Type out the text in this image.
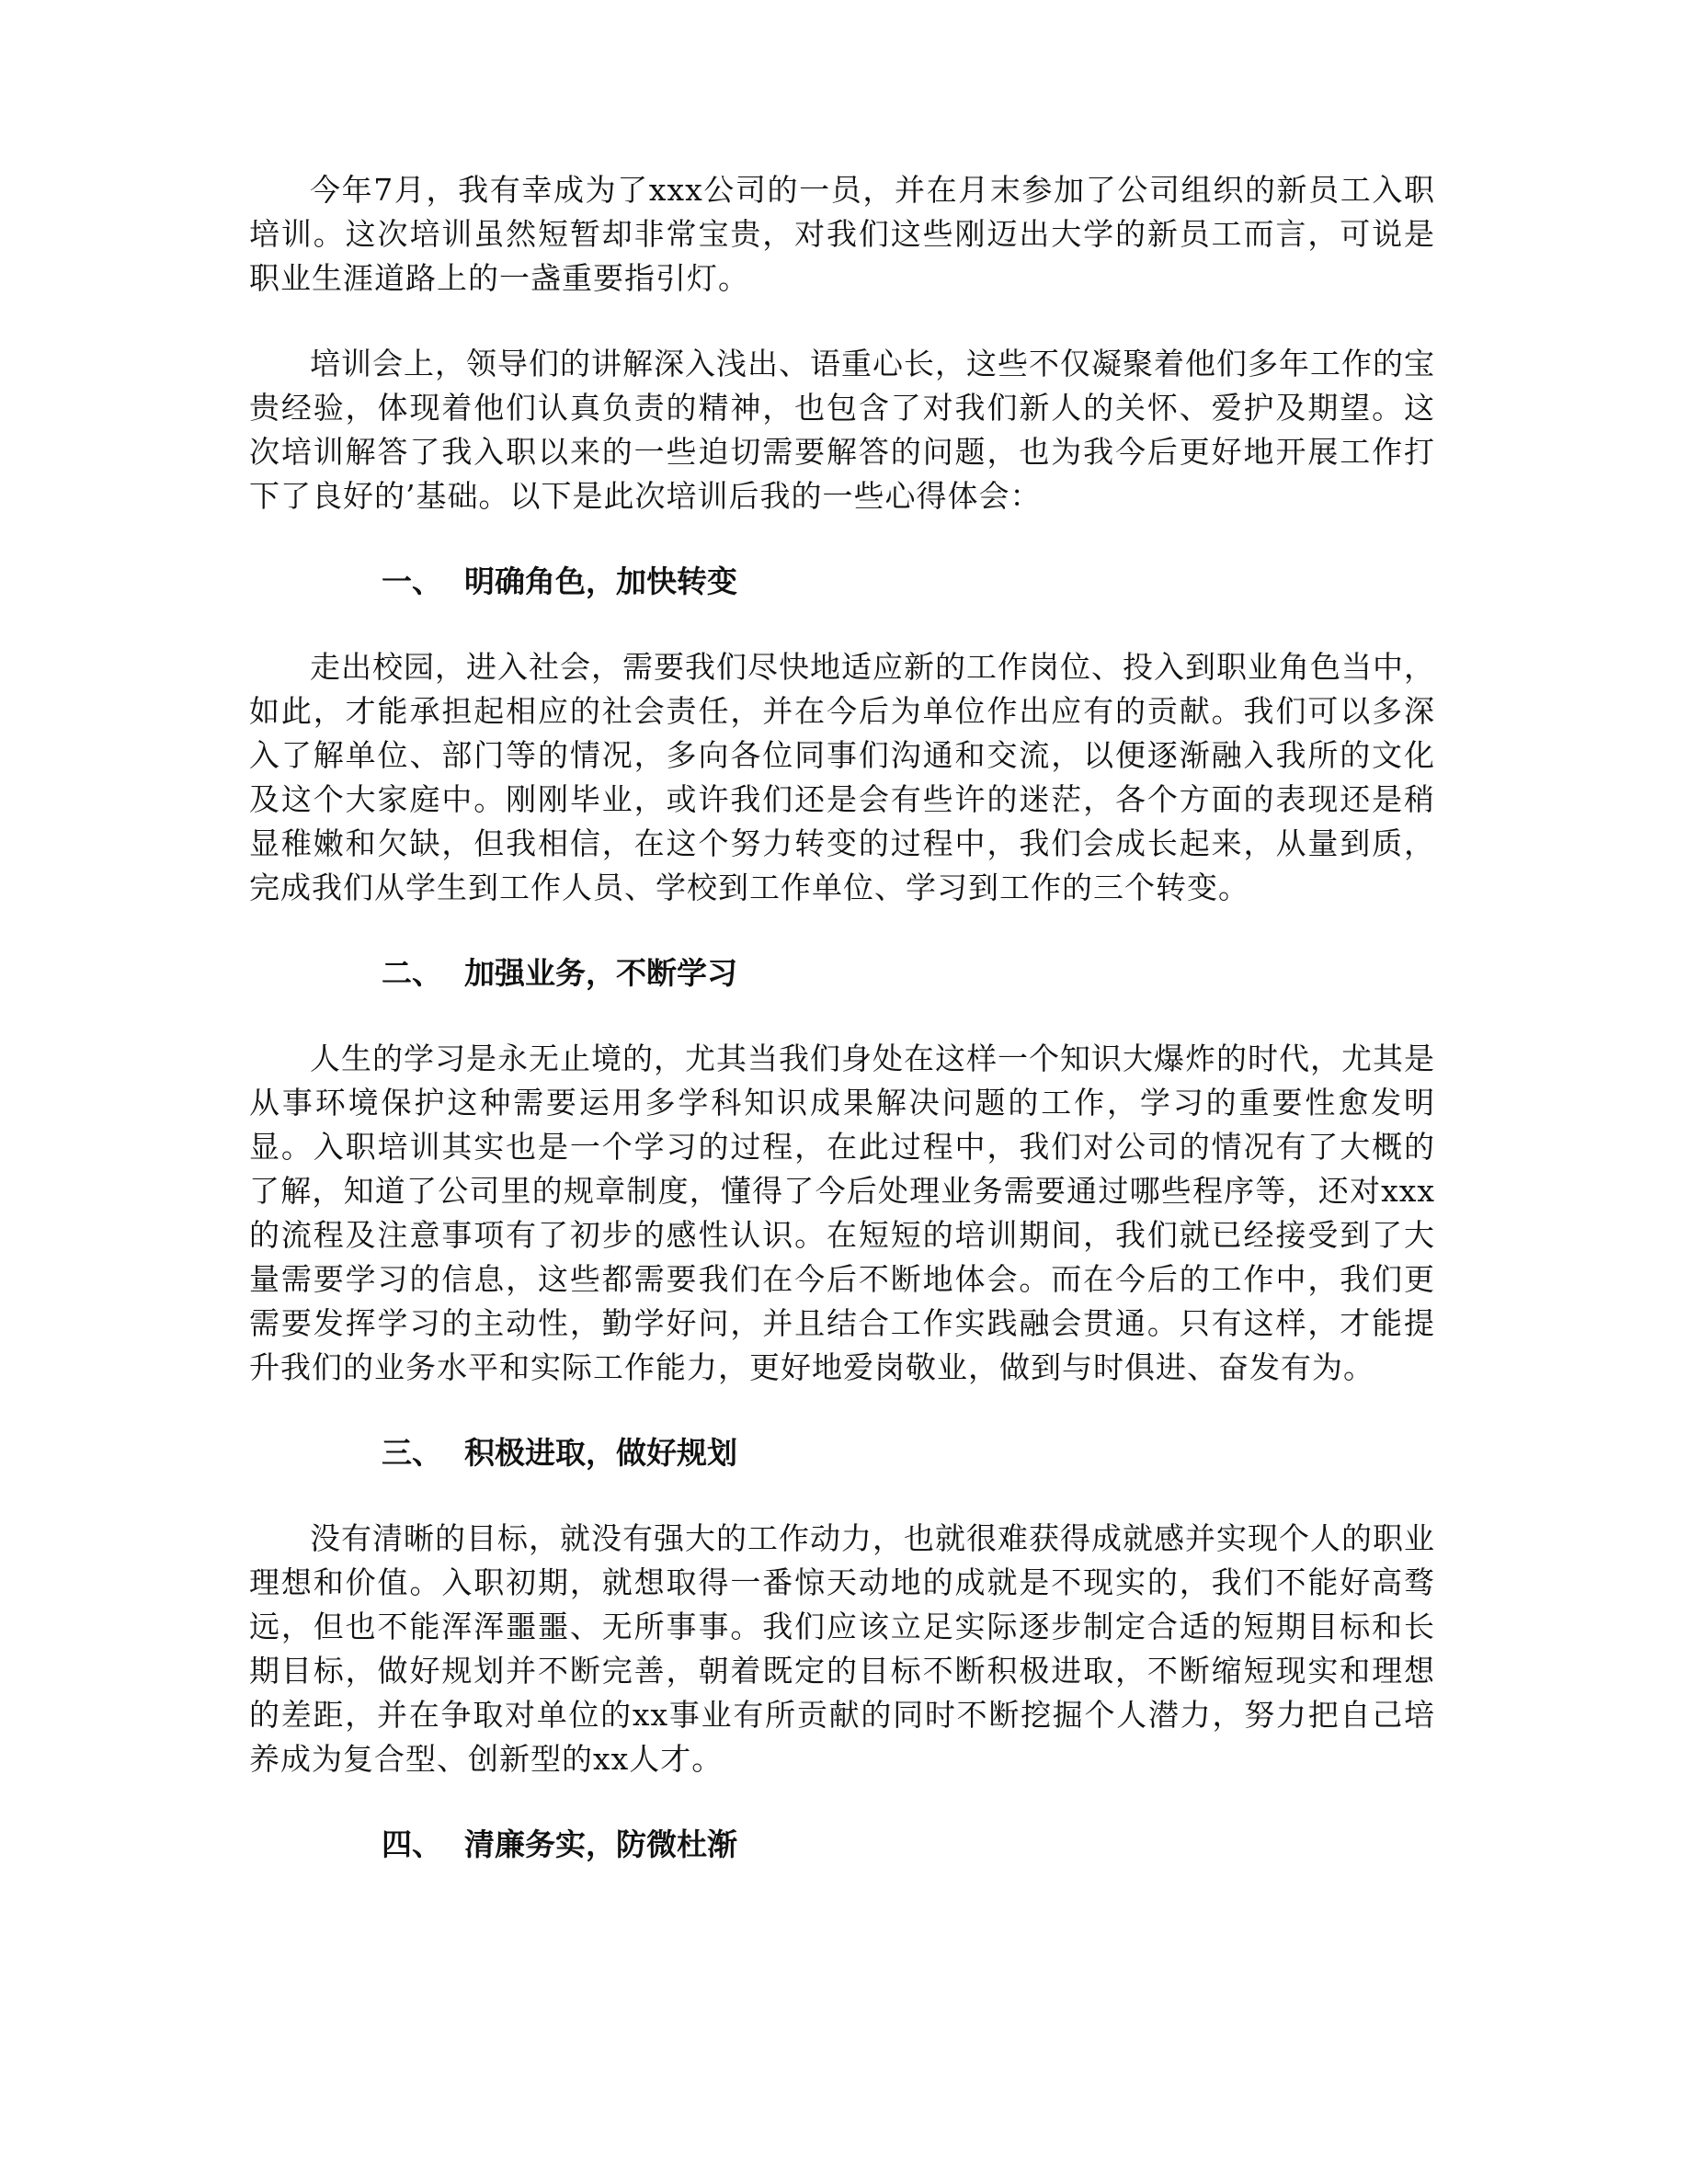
今年7月，我有幸成为了xxx公司的一员，并在月末参加了公司组织的新员工入职培训。这次培训虽然短暂却非常宝贵，对我们这些刚迈出大学的新员工而言，可说是职业生涯道路上的一盏重要指引灯。

培训会上，领导们的讲解深入浅出、语重心长，这些不仅凝聚着他们多年工作的宝贵经验，体现着他们认真负责的精神，也包含了对我们新人的关怀、爱护及期望。这次培训解答了我入职以来的一些迫切需要解答的问题，也为我今后更好地开展工作打下了良好的’基础。以下是此次培训后我的一些心得体会：

一、 明确角色，加快转变

走出校园，进入社会，需要我们尽快地适应新的工作岗位、投入到职业角色当中，如此，才能承担起相应的社会责任，并在今后为单位作出应有的贡献。我们可以多深入了解单位、部门等的情况，多向各位同事们沟通和交流，以便逐渐融入我所的文化及这个大家庭中。刚刚毕业，或许我们还是会有些许的迷茫，各个方面的表现还是稍显稚嫩和欠缺，但我相信，在这个努力转变的过程中，我们会成长起来，从量到质，完成我们从学生到工作人员、学校到工作单位、学习到工作的三个转变。

二、 加强业务，不断学习

人生的学习是永无止境的，尤其当我们身处在这样一个知识大爆炸的时代，尤其是从事环境保护这种需要运用多学科知识成果解决问题的工作，学习的重要性愈发明显。入职培训其实也是一个学习的过程，在此过程中，我们对公司的情况有了大概的了解，知道了公司里的规章制度，懂得了今后处理业务需要通过哪些程序等，还对xxx的流程及注意事项有了初步的感性认识。在短短的培训期间，我们就已经接受到了大量需要学习的信息，这些都需要我们在今后不断地体会。而在今后的工作中，我们更需要发挥学习的主动性，勤学好问，并且结合工作实践融会贯通。只有这样，才能提升我们的业务水平和实际工作能力，更好地爱岗敬业，做到与时俱进、奋发有为。

三、 积极进取，做好规划

没有清晰的目标，就没有强大的工作动力，也就很难获得成就感并实现个人的职业理想和价值。入职初期，就想取得一番惊天动地的成就是不现实的，我们不能好高骛远，但也不能浑浑噩噩、无所事事。我们应该立足实际逐步制定合适的短期目标和长期目标，做好规划并不断完善，朝着既定的目标不断积极进取，不断缩短现实和理想的差距，并在争取对单位的xx事业有所贡献的同时不断挖掘个人潜力，努力把自己培养成为复合型、创新型的xx人才。

四、 清廉务实，防微杜渐
